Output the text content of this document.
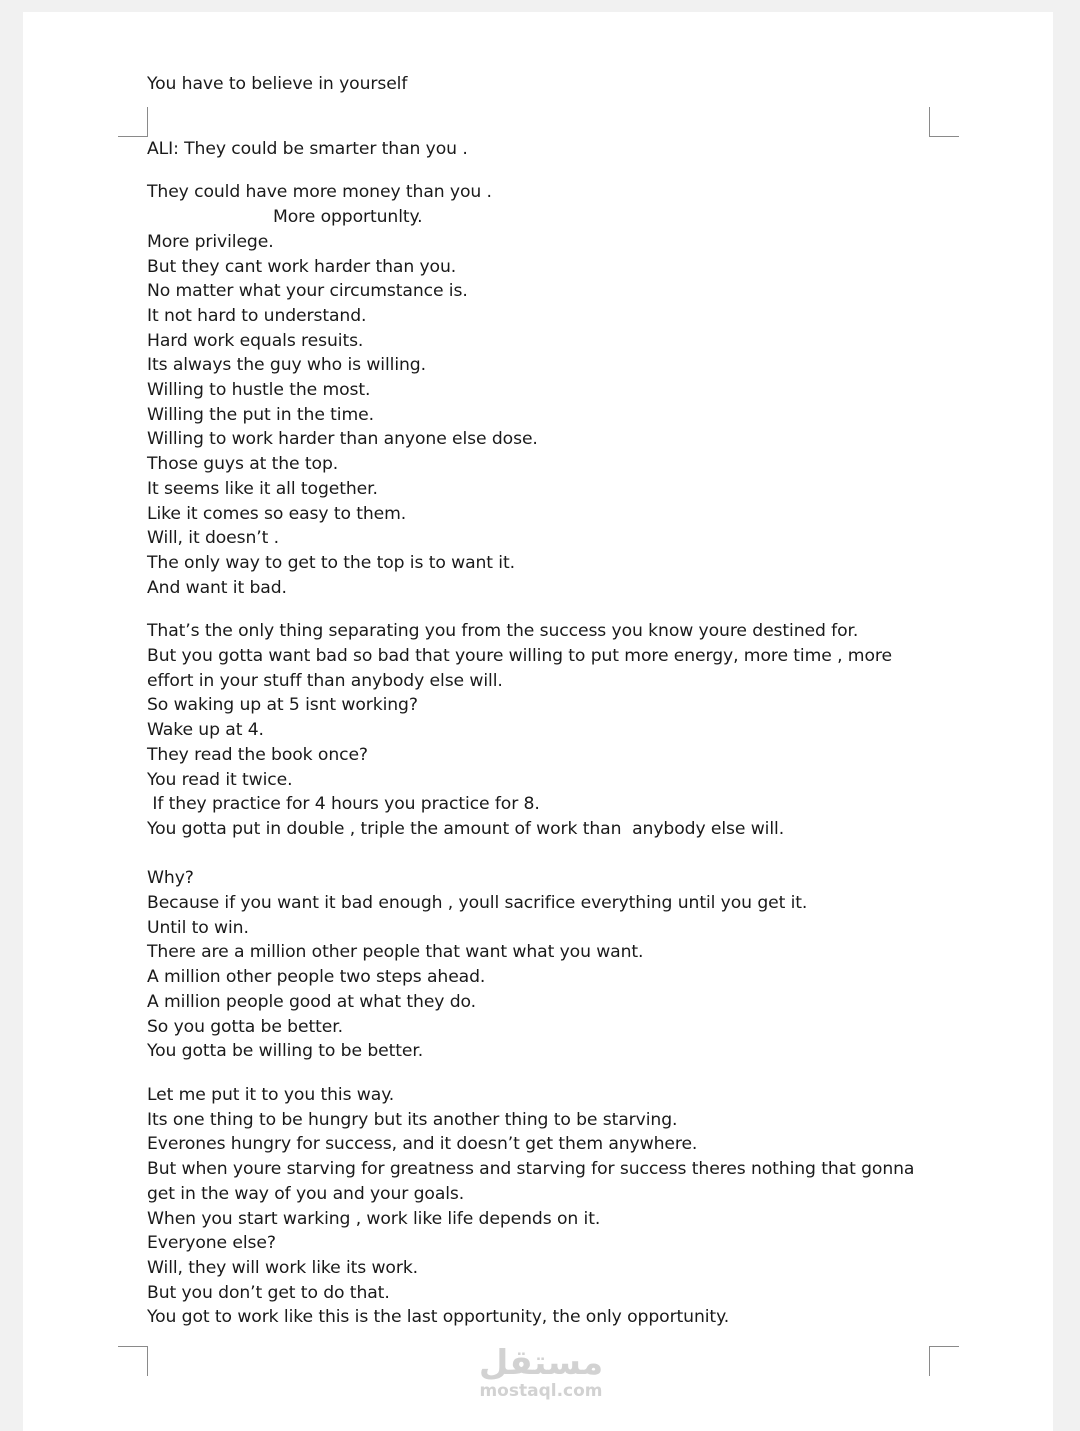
You have to believe in yourself
ALI: They could be smarter than you .
They could have more money than you .
More opportunlty.
More privilege.
But they cant work harder than you.
No matter what your circumstance is.
It not hard to understand.
Hard work equals resuits.
Its always the guy who is willing.
Willing to hustle the most.
Willing the put in the time.
Willing to work harder than anyone else dose.
Those guys at the top.
It seems like it all together.
Like it comes so easy to them.
Will, it doesn’t .
The only way to get to the top is to want it.
And want it bad.
That’s the only thing separating you from the success you know youre destined for.
But you gotta want bad so bad that youre willing to put more energy, more time , more effort in your stuff than anybody else will.
So waking up at 5 isnt working?
Wake up at 4.
They read the book once?
You read it twice.
If they practice for 4 hours you practice for 8.
You gotta put in double , triple the amount of work than  anybody else will.
Why?
Because if you want it bad enough , youll sacrifice everything until you get it.
Until to win.
There are a million other people that want what you want.
A million other people two steps ahead.
A million people good at what they do.
So you gotta be better.
You gotta be willing to be better.
Let me put it to you this way.
Its one thing to be hungry but its another thing to be starving.
Everones hungry for success, and it doesn’t get them anywhere.
But when youre starving for greatness and starving for success theres nothing that gonna get in the way of you and your goals.
When you start warking , work like life depends on it.
Everyone else?
Will, they will work like its work.
But you don’t get to do that.
You got to work like this is the last opportunity, the only opportunity.
مستقل
mostaql.com
